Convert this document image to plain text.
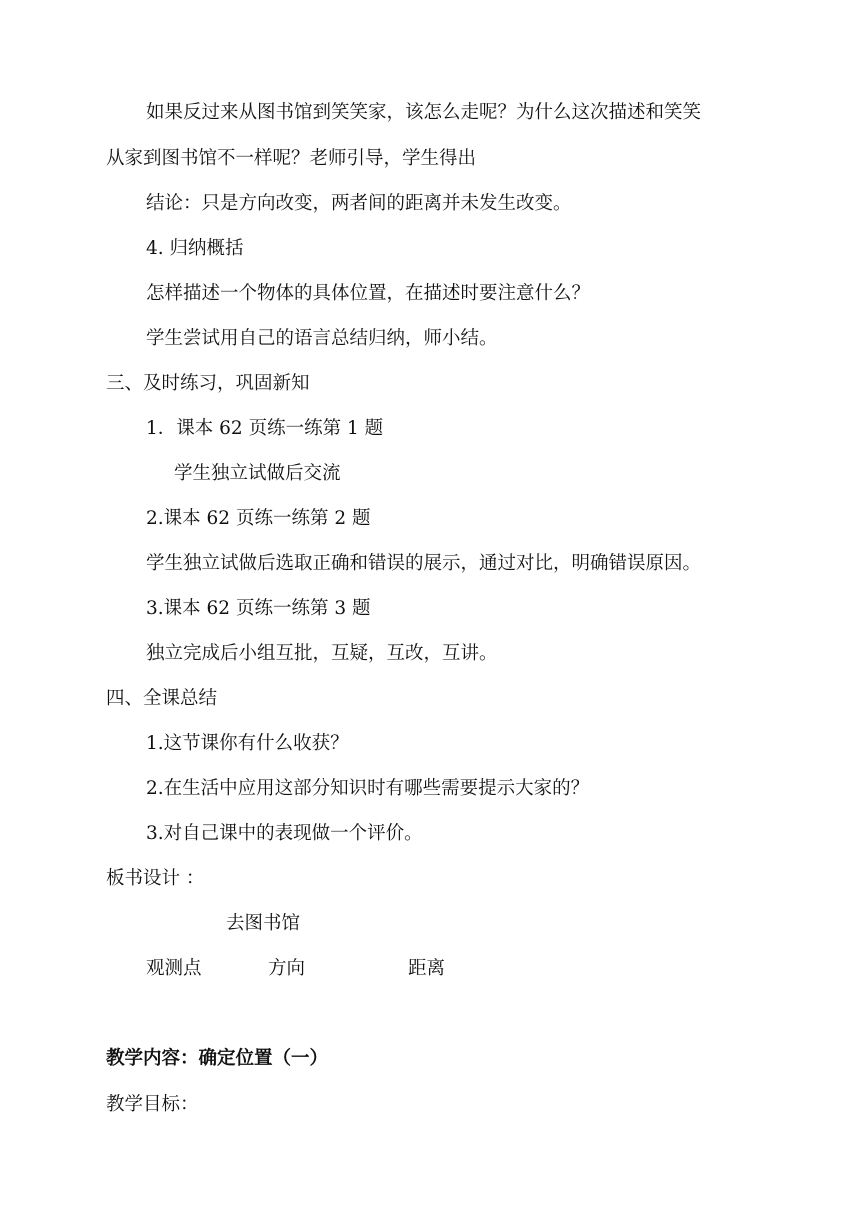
如果反过来从图书馆到笑笑家，该怎么走呢？为什么这次描述和笑笑
从家到图书馆不一样呢？老师引导，学生得出
结论：只是方向改变，两者间的距离并未发生改变。
4. 归纳概括
怎样描述一个物体的具体位置，在描述时要注意什么？
学生尝试用自己的语言总结归纳，师小结。
三、及时练习，巩固新知
1．课本 62 页练一练第 1 题
学生独立试做后交流
2.课本 62 页练一练第 2 题
学生独立试做后选取正确和错误的展示，通过对比，明确错误原因。
3.课本 62 页练一练第 3 题
独立完成后小组互批，互疑，互改，互讲。
四、全课总结
1.这节课你有什么收获？
2.在生活中应用这部分知识时有哪些需要提示大家的？
3.对自己课中的表现做一个评价。
板书设计 ：
去图书馆
观测点	方向	距离
教学内容：确定位置（一）
教学目标：
